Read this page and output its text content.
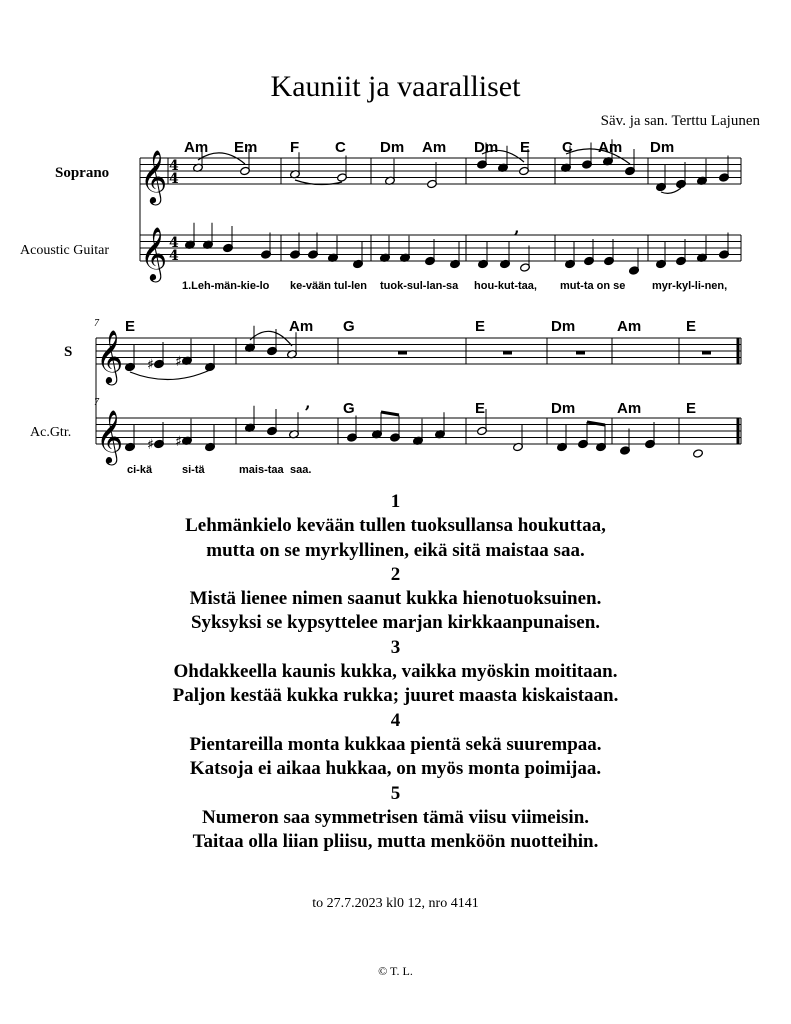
Kauniit ja vaaralliset
Säv. ja san. Terttu Lajunen
Soprano
Acoustic Guitar
Am Em F C Dm Am Dm E C Am Dm
1.Leh-män-kie-lo ke-vään tul-len tuok-sul-lan-sa hou-kut-taa, mut-ta on se myr-kyl-li-nen,
7
7
S
Ac.Gtr.
E	Am G	E	Dm	Am	E
G	E	Dm	Am	E
ci-kä	si-tä	mais-taa saa.
𝄞
𝄞
4
4
4
4
,
𝄞
𝄞
♯ ♯
♯ ♯
,
1
Lehmänkielo kevään tullen tuoksullansa houkuttaa,
mutta on se myrkyllinen, eikä sitä maistaa saa.
2
Mistä lienee nimen saanut kukka hienotuoksuinen.
Syksyksi se kypsyttelee marjan kirkkaanpunaisen.
3
Ohdakkeella kaunis kukka, vaikka myöskin moititaan.
Paljon kestää kukka rukka; juuret maasta kiskaistaan.
4
Pientareilla monta kukkaa pientä sekä suurempaa.
Katsoja ei aikaa hukkaa, on myös monta poimijaa.
5
Numeron saa symmetrisen tämä viisu viimeisin.
Taitaa olla liian pliisu, mutta menköön nuotteihin.
to 27.7.2023 kl0 12, nro 4141
© T. L.
